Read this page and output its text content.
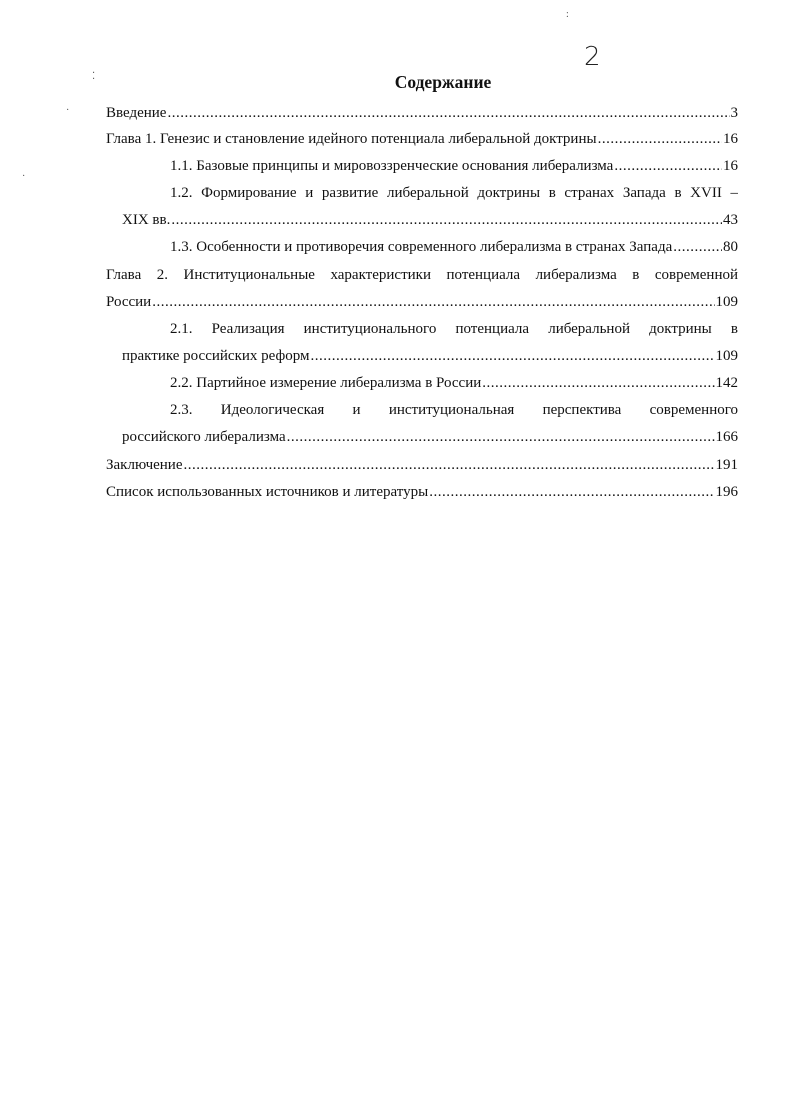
2
:
⁚
·
·
Содержание
Введение .....	3
Глава 1. Генезис и становление идейного потенциала либеральной доктрины .....	16
1.1. Базовые принципы и мировоззренческие основания либерализма .....	16
1.2. Формирование и развитие либеральной доктрины в странах Запада в XVII –
XIX вв. .....	43
1.3. Особенности и противоречия современного либерализма в странах Запада .....	80
Глава 2. Институциональные характеристики потенциала либерализма в современной
России .....	109
2.1. Реализация институционального потенциала либеральной доктрины в
практике российских реформ .....	109
2.2. Партийное измерение либерализма в России .....	142
2.3. Идеологическая и институциональная перспектива современного
российского либерализма .....	166
Заключение .....	191
Список использованных источников и литературы .....	196
